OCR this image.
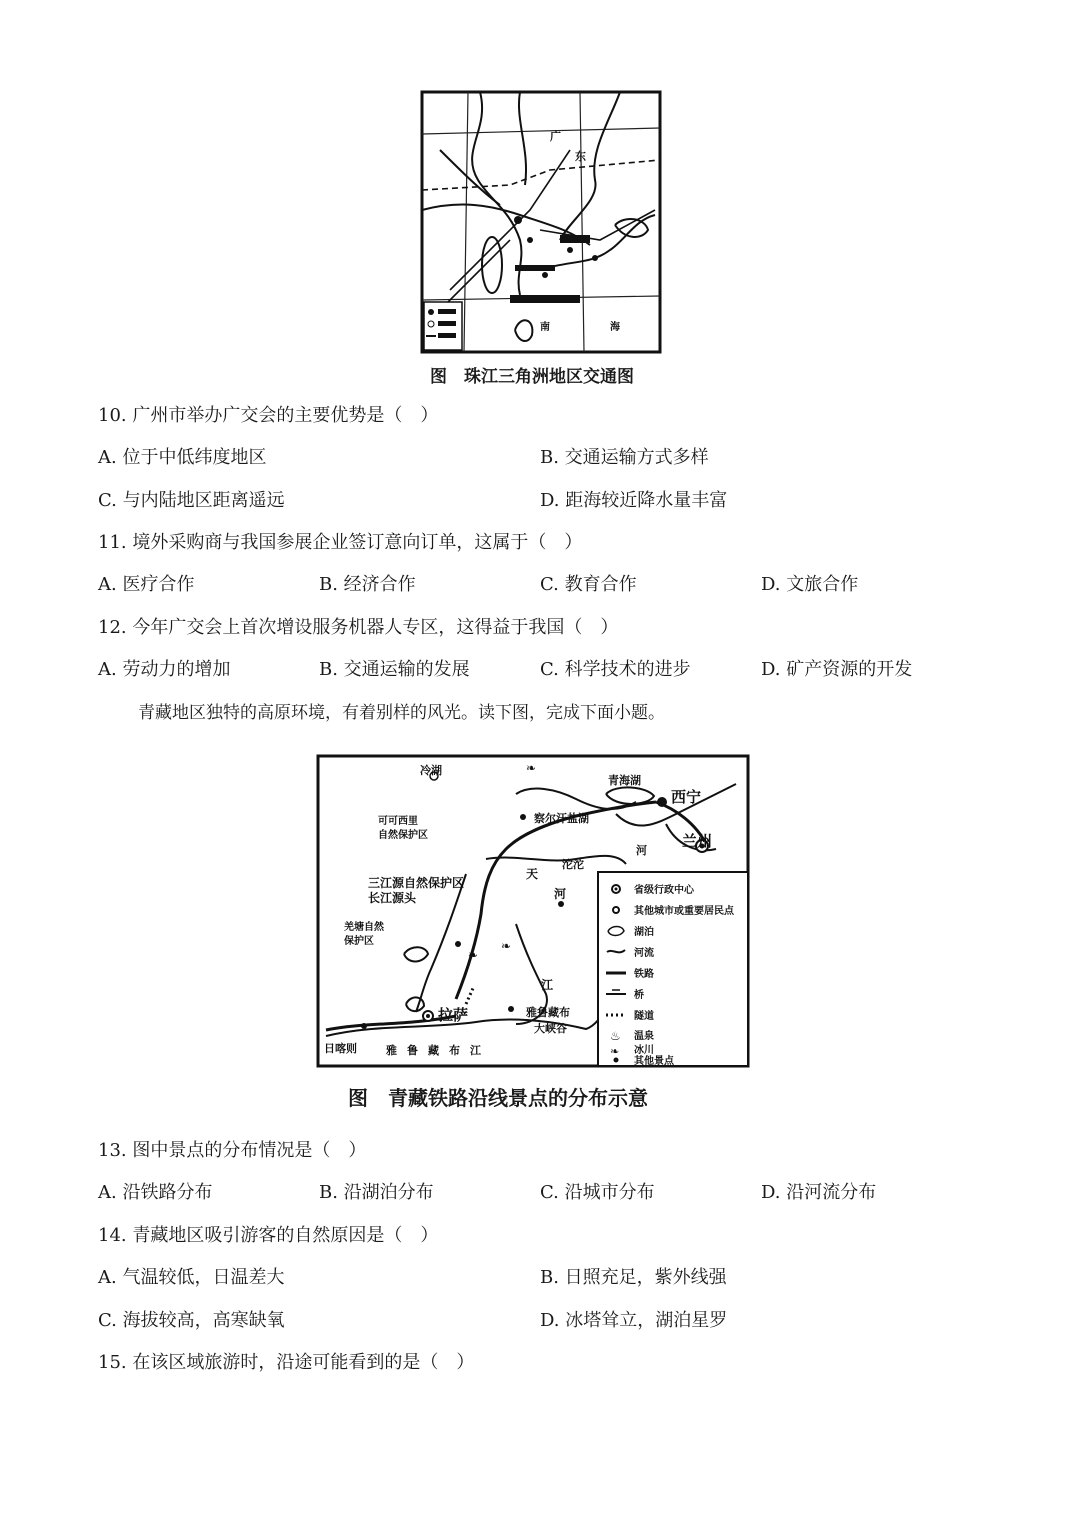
广
东
南	海
图　珠江三角洲地区交通图
10. 广州市举办广交会的主要优势是（　）
A. 位于中低纬度地区	B. 交通运输方式多样
C. 与内陆地区距离遥远	D. 距海较近降水量丰富
11. 境外采购商与我国参展企业签订意向订单，这属于（　）
A. 医疗合作	B. 经济合作	C. 教育合作	D. 文旅合作
12. 今年广交会上首次增设服务机器人专区，这得益于我国（　）
A. 劳动力的增加	B. 交通运输的发展	C. 科学技术的进步	D. 矿产资源的开发
青藏地区独特的高原环境，有着别样的风光。读下图，完成下面小题。
❧
❧
❧
冷湖
青海湖
西宁
兰州
察尔汗盐湖
可可西里
自然保护区
三江源自然保护区
长江源头
羌塘自然
保护区
拉萨	雅鲁藏布
大峡谷
日喀则	雅鲁藏布江
天
河
沱沱
江
河
省级行政中心
其他城市或重要居民点
湖泊
河流
铁路
桥
隧道
♨ 温泉
❧ 冰川
其他景点
图　青藏铁路沿线景点的分布示意
13. 图中景点的分布情况是（　）
A. 沿铁路分布	B. 沿湖泊分布	C. 沿城市分布	D. 沿河流分布
14. 青藏地区吸引游客的自然原因是（　）
A. 气温较低，日温差大	B. 日照充足，紫外线强
C. 海拔较高，高寒缺氧	D. 冰塔耸立，湖泊星罗
15. 在该区域旅游时，沿途可能看到的是（　）
